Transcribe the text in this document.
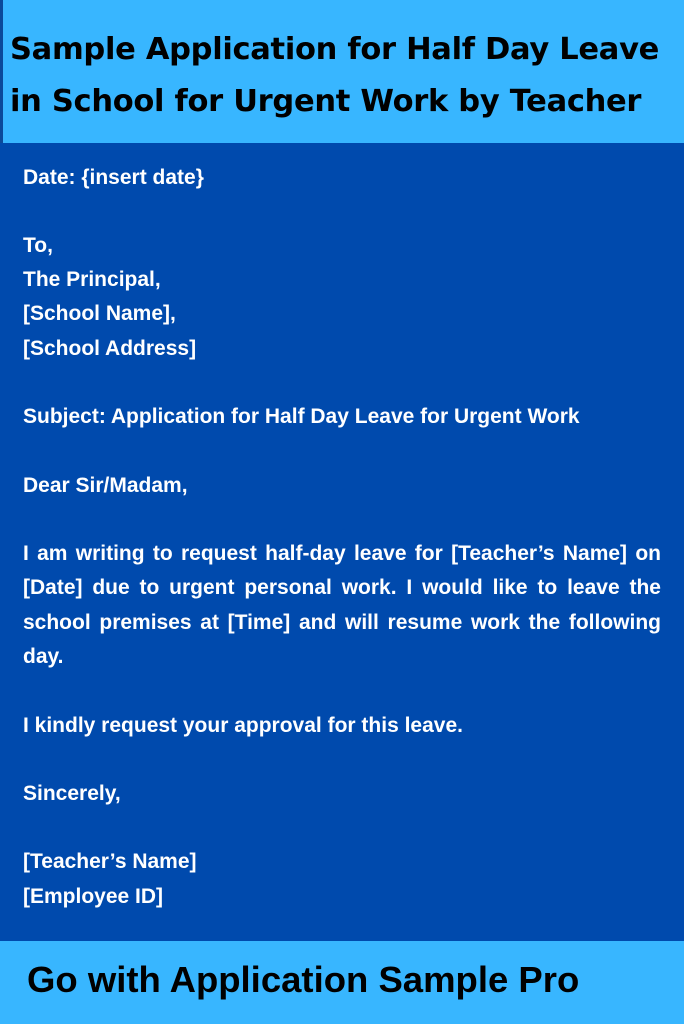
Sample Application for Half Day Leave in School for Urgent Work by Teacher
Date: {insert date}
To,
The Principal,
[School Name],
[School Address]
Subject: Application for Half Day Leave for Urgent Work
Dear Sir/Madam,
I am writing to request half-day leave for [Teacher’s Name] on [Date] due to urgent personal work. I would like to leave the school premises at [Time] and will resume work the following day.
I kindly request your approval for this leave.
Sincerely,
[Teacher’s Name]
[Employee ID]
Go with Application Sample Pro
